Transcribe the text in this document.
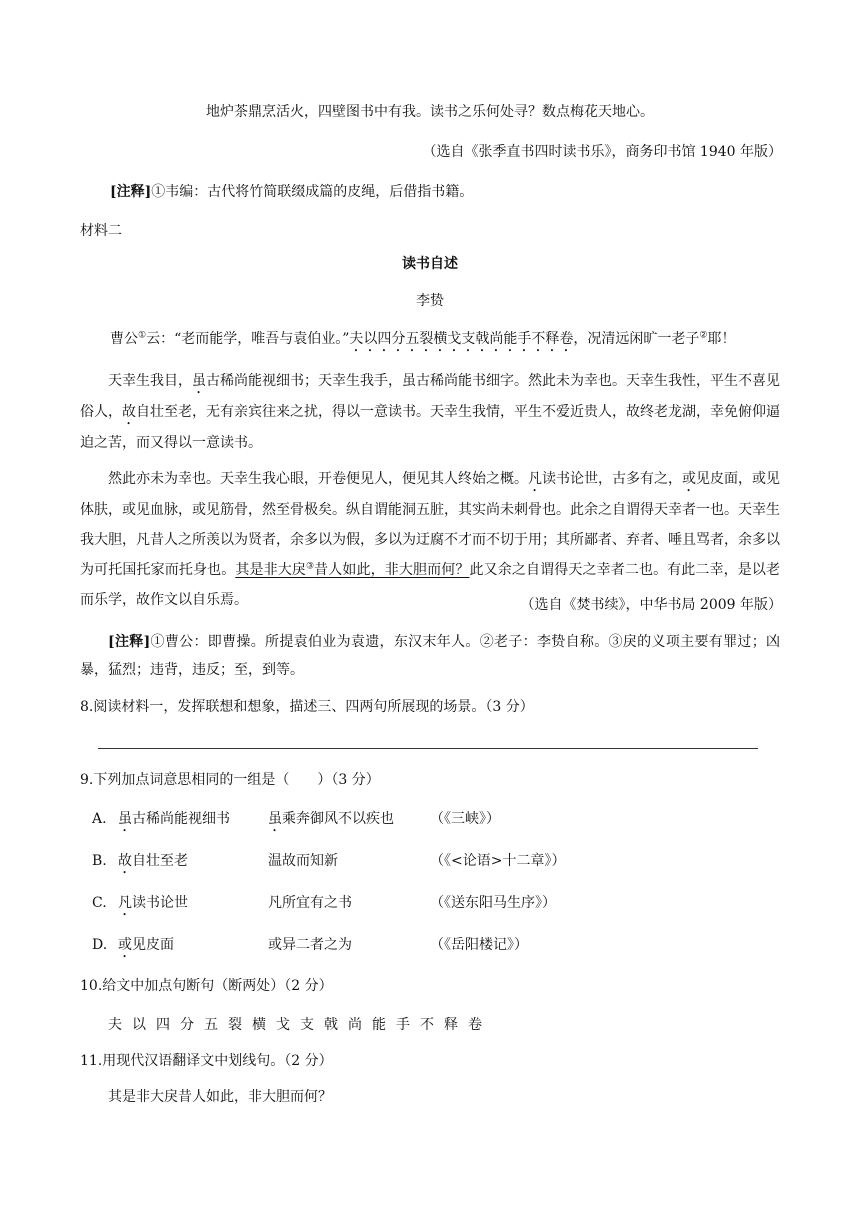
地炉茶鼎烹活火，四壁图书中有我。读书之乐何处寻？数点梅花天地心。
（选自《张季直书四时读书乐》，商务印书馆 1940 年版）
[注释]①韦编：古代将竹简联缀成篇的皮绳，后借指书籍。
材料二
读书自述
李贽
曹公①云：“老而能学，唯吾与袁伯业。”夫以四分五裂横戈支戟尚能手不释卷，况清远闲旷一老子②耶！
天幸生我目，虽古稀尚能视细书；天幸生我手，虽古稀尚能书细字。然此未为幸也。天幸生我性，平生不喜见俗人，故自壮至老，无有亲宾往来之扰，得以一意读书。天幸生我情，平生不爱近贵人，故终老龙湖，幸免俯仰逼迫之苦，而又得以一意读书。
然此亦未为幸也。天幸生我心眼，开卷便见人，便见其人终始之概。凡读书论世，古多有之，或见皮面，或见体肤，或见血脉，或见筋骨，然至骨极矣。纵自谓能洞五脏，其实尚未刺骨也。此余之自谓得天幸者一也。天幸生我大胆，凡昔人之所羡以为贤者，余多以为假，多以为迂腐不才而不切于用；其所鄙者、弃者、唾且骂者，余多以为可托国托家而托身也。其是非大戾③昔人如此，非大胆而何？此又余之自谓得天之幸者二也。有此二幸，是以老而乐学，故作文以自乐焉。	（选自《焚书续》，中华书局 2009 年版）
[注释]①曹公：即曹操。所提袁伯业为袁遗，东汉末年人。②老子：李贽自称。③戾的义项主要有罪过；凶暴，猛烈；违背，违反；至，到等。
8.阅读材料一，发挥联想和想象，描述三、四两句所展现的场景。（3 分）
9.下列加点词意思相同的一组是（　　）（3 分）
A. 虽古稀尚能视细书	虽乘奔御风不以疾也	（《三峡》）
B. 故自壮至老	温故而知新	（《<论语>十二章》）
C. 凡读书论世	凡所宜有之书	（《送东阳马生序》）
D. 或见皮面	或异二者之为	（《岳阳楼记》）
10.给文中加点句断句（断两处）（2 分）
夫以四分五裂横戈支戟尚能手不释卷
11.用现代汉语翻译文中划线句。（2 分）
其是非大戾昔人如此，非大胆而何？
